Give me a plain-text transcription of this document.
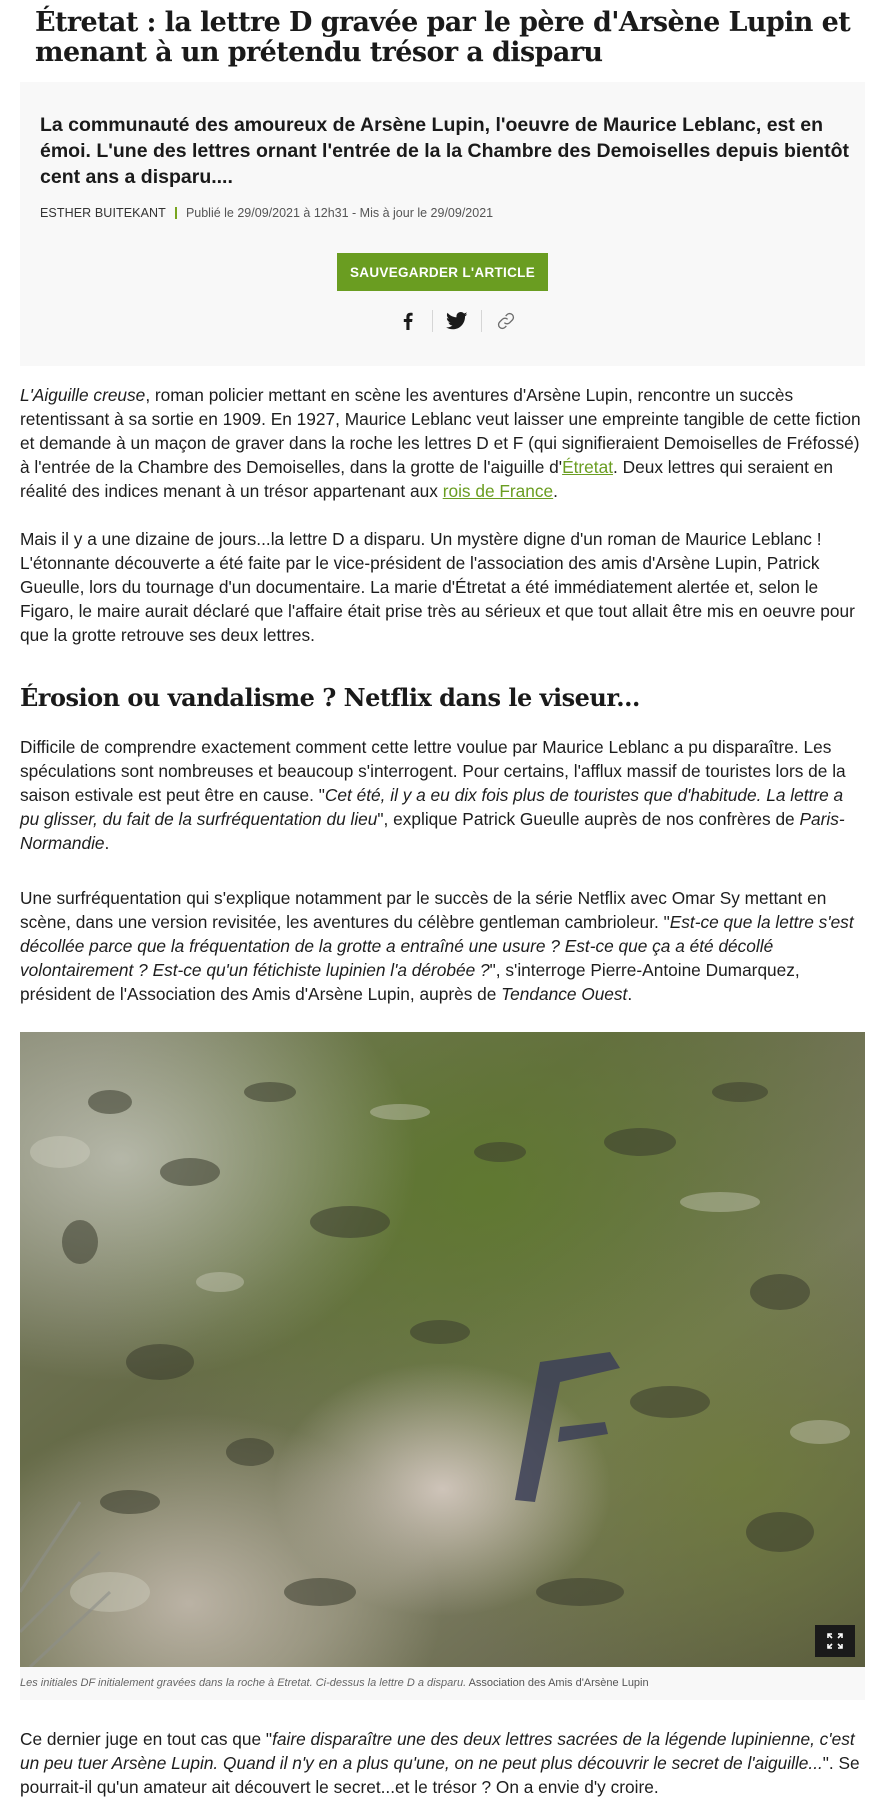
Étretat : la lettre D gravée par le père d'Arsène Lupin et menant à un prétendu trésor a disparu

La communauté des amoureux de Arsène Lupin, l'oeuvre de Maurice Leblanc, est en émoi. L'une des lettres ornant l'entrée de la la Chambre des Demoiselles depuis bientôt cent ans a disparu....

ESTHER BUITEKANT Publié le 29/09/2021 à 12h31 - Mis à jour le 29/09/2021
SAUVEGARDER L'ARTICLE

L'Aiguille creuse, roman policier mettant en scène les aventures d'Arsène Lupin, rencontre un succès retentissant à sa sortie en 1909. En 1927, Maurice Leblanc veut laisser une empreinte tangible de cette fiction et demande à un maçon de graver dans la roche les lettres D et F (qui signifieraient Demoiselles de Fréfossé) à l'entrée de la Chambre des Demoiselles, dans la grotte de l'aiguille d'Étretat. Deux lettres qui seraient en réalité des indices menant à un trésor appartenant aux rois de France.

Mais il y a une dizaine de jours...la lettre D a disparu. Un mystère digne d'un roman de Maurice Leblanc ! L'étonnante découverte a été faite par le vice-président de l'association des amis d'Arsène Lupin, Patrick Gueulle, lors du tournage d'un documentaire. La marie d'Étretat a été immédiatement alertée et, selon le Figaro, le maire aurait déclaré que l'affaire était prise très au sérieux et que tout allait être mis en oeuvre pour que la grotte retrouve ses deux lettres.

Érosion ou vandalisme ? Netflix dans le viseur...

Difficile de comprendre exactement comment cette lettre voulue par Maurice Leblanc a pu disparaître. Les spéculations sont nombreuses et beaucoup s'interrogent. Pour certains, l'afflux massif de touristes lors de la saison estivale est peut être en cause. "Cet été, il y a eu dix fois plus de touristes que d'habitude. La lettre a pu glisser, du fait de la surfréquentation du lieu", explique Patrick Gueulle auprès de nos confrères de Paris-Normandie.

Une surfréquentation qui s'explique notamment par le succès de la série Netflix avec Omar Sy mettant en scène, dans une version revisitée, les aventures du célèbre gentleman cambrioleur. "Est-ce que la lettre s'est décollée parce que la fréquentation de la grotte a entraîné une usure ? Est-ce que ça a été décollé volontairement ? Est-ce qu'un fétichiste lupinien l'a dérobée ?", s'interroge Pierre-Antoine Dumarquez, président de l'Association des Amis d'Arsène Lupin, auprès de Tendance Ouest.

Les initiales DF initialement gravées dans la roche à Etretat. Ci-dessus la lettre D a disparu. Association des Amis d'Arsène Lupin

Ce dernier juge en tout cas que "faire disparaître une des deux lettres sacrées de la légende lupinienne, c'est un peu tuer Arsène Lupin. Quand il n'y en a plus qu'une, on ne peut plus découvrir le secret de l'aiguille...". Se pourrait-il qu'un amateur ait découvert le secret...et le trésor ? On a envie d'y croire.
